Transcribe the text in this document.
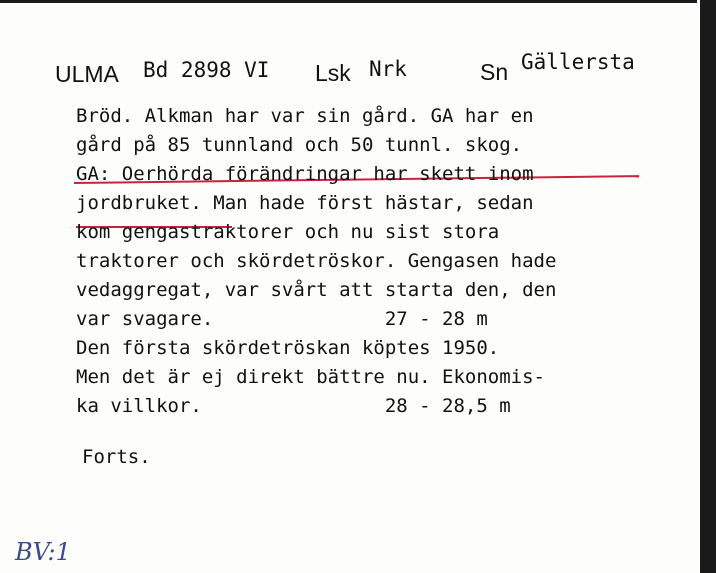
ULMA Bd 2898 VI Lsk Nrk	Sn Gällersta
Bröd. Alkman har var sin gård. GA har en
gård på 85 tunnland och 50 tunnl. skog.
GA: Oerhörda förändringar har skett inom
jordbruket. Man hade först hästar, sedan
kom gengastraktorer och nu sist stora
traktorer och skördetröskor. Gengasen hade
vedaggregat, var svårt att starta den, den
var svagare.               27 - 28 m
Den första skördetröskan köptes 1950.
Men det är ej direkt bättre nu. Ekonomis-
ka villkor.                28 - 28,5 m
Forts.
BV:1
